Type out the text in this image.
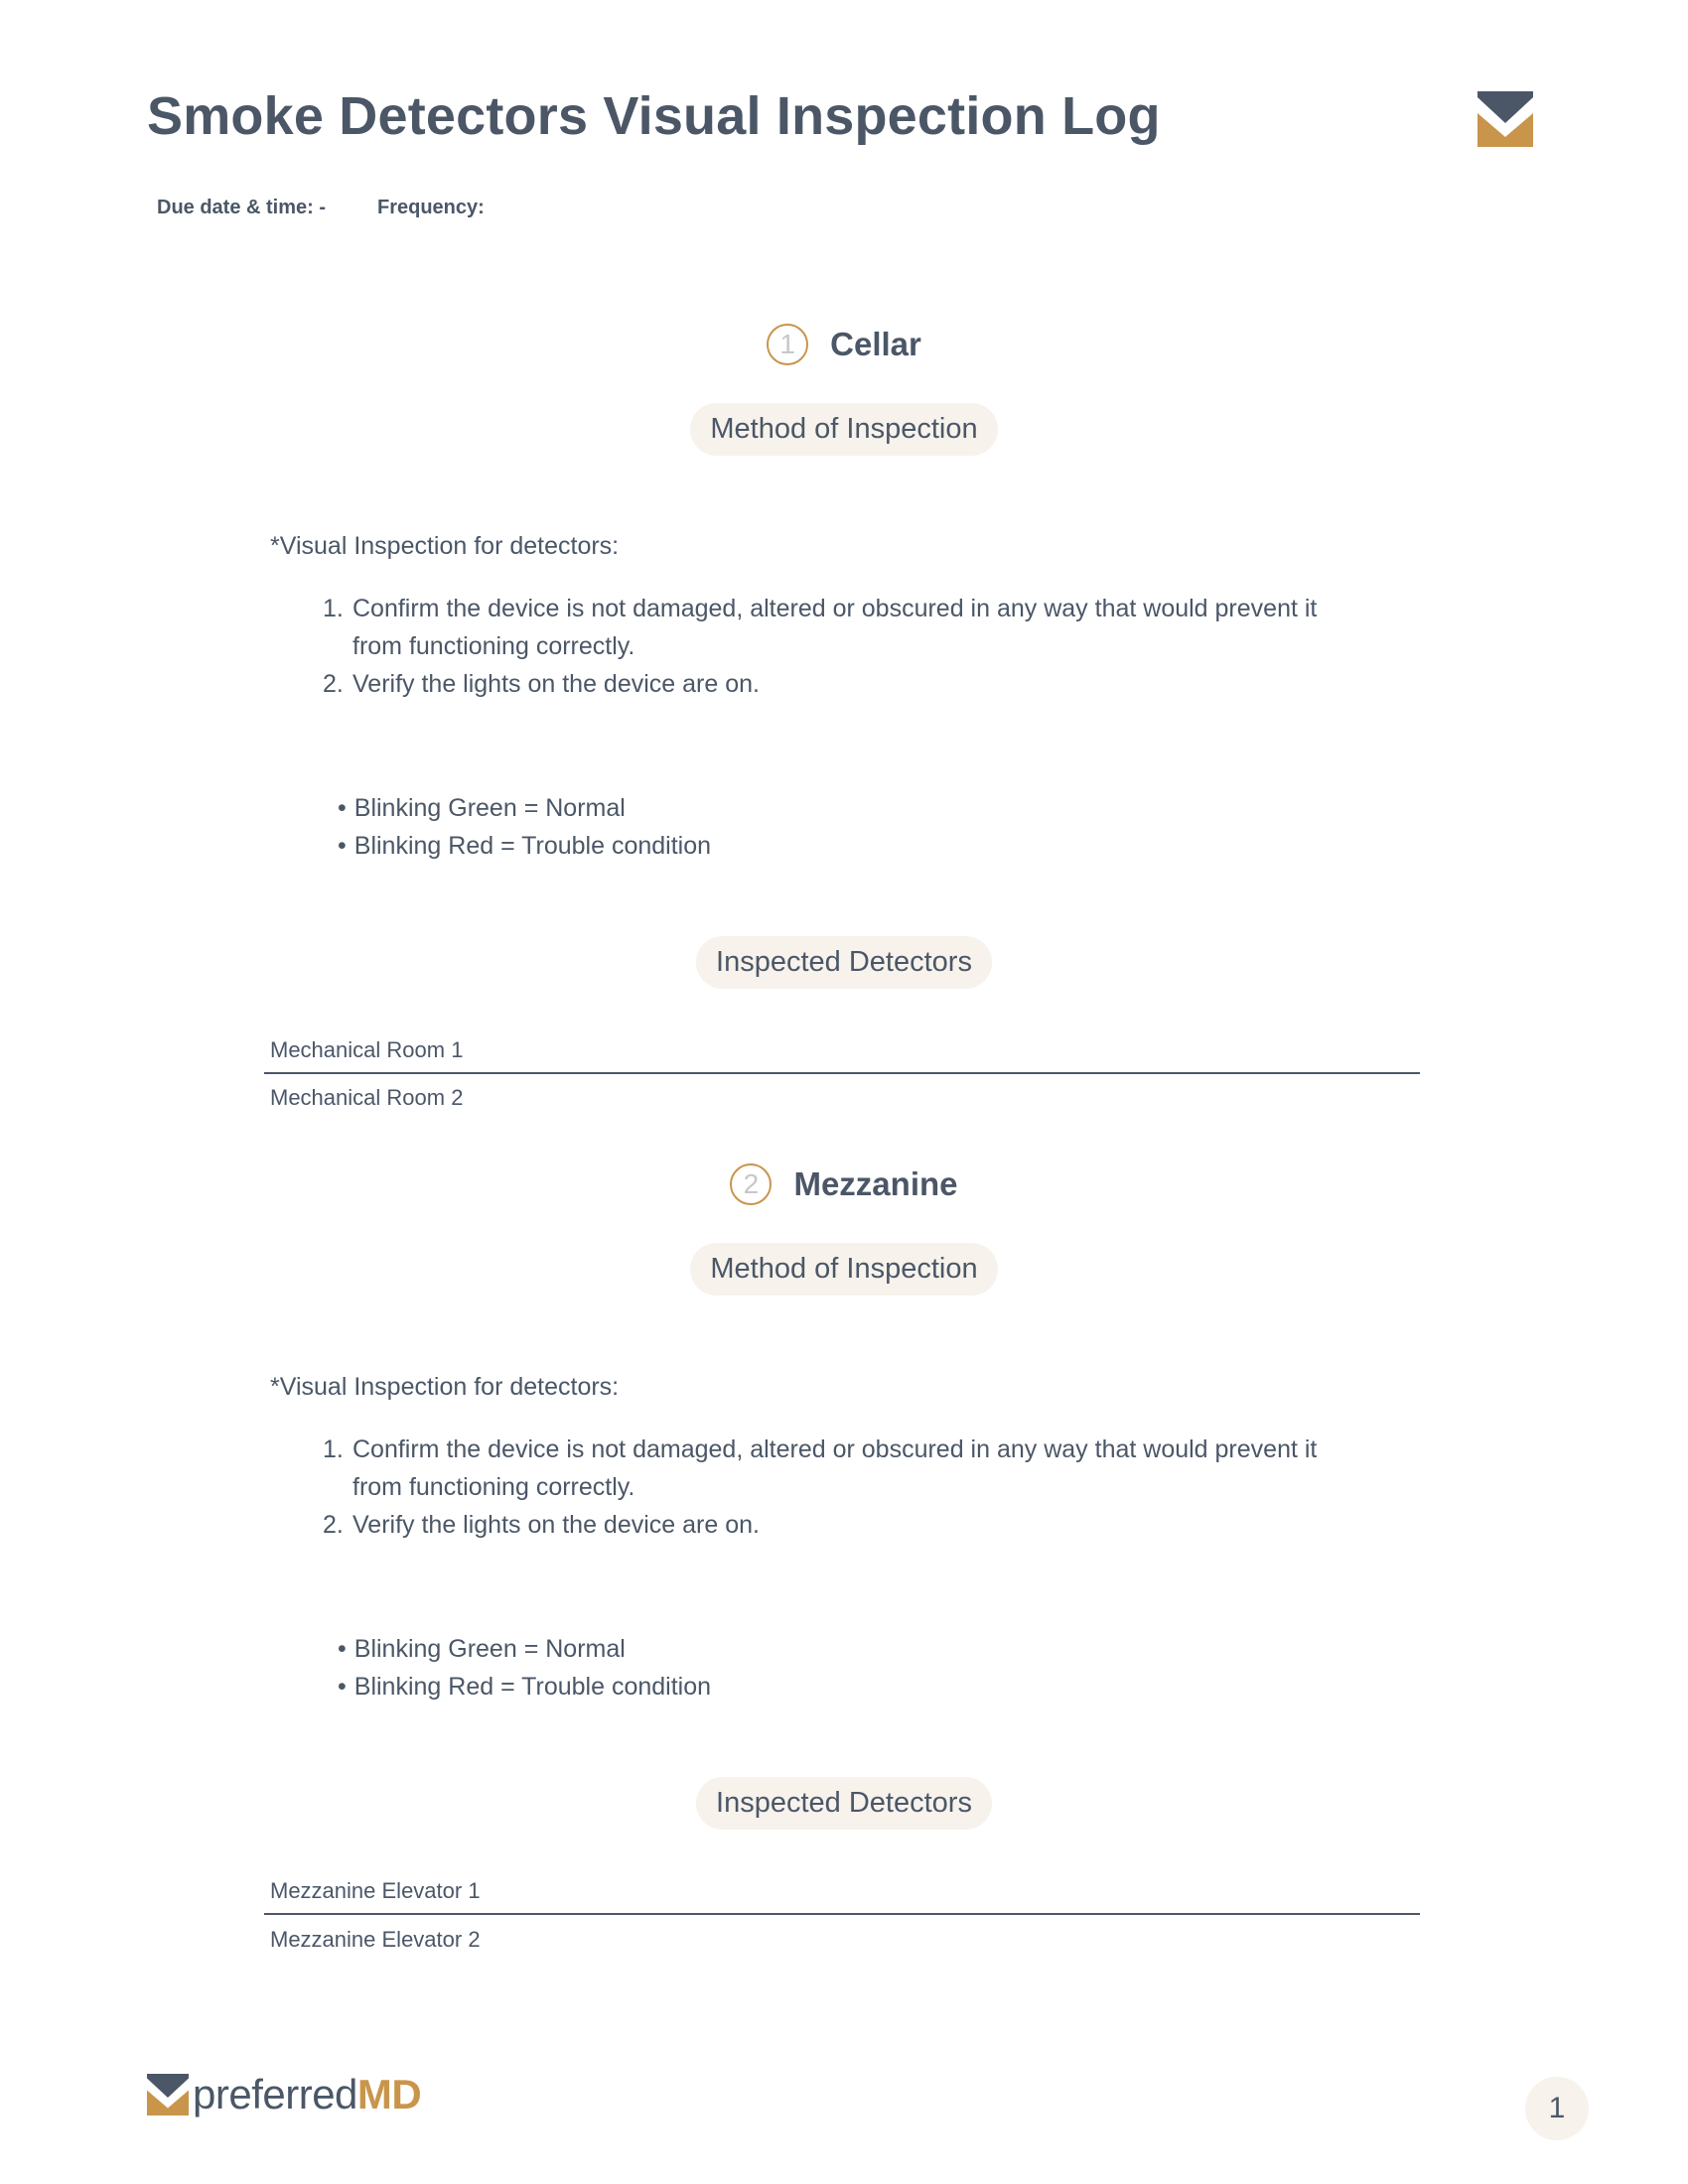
Smoke Detectors Visual Inspection Log
Due date & time: -	Frequency:
1	Cellar
Method of Inspection
*Visual Inspection for detectors:
1. Confirm the device is not damaged, altered or obscured in any way that would prevent it from functioning correctly.
2. Verify the lights on the device are on.
• Blinking Green = Normal
• Blinking Red = Trouble condition
Inspected Detectors
Mechanical Room 1
Mechanical Room 2
2	Mezzanine
Method of Inspection
*Visual Inspection for detectors:
1. Confirm the device is not damaged, altered or obscured in any way that would prevent it from functioning correctly.
2. Verify the lights on the device are on.
• Blinking Green = Normal
• Blinking Red = Trouble condition
Inspected Detectors
Mezzanine Elevator 1
Mezzanine Elevator 2
preferredMD	1
